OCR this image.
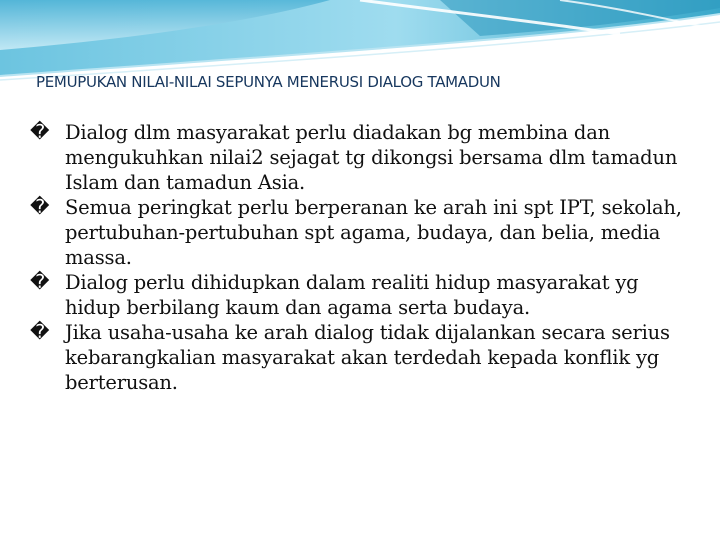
PEMUPUKAN NILAI-NILAI SEPUNYA MENERUSI DIALOG TAMADUN
� Dialog dlm masyarakat perlu diadakan bg membina dan mengukuhkan nilai2 sejagat tg dikongsi bersama dlm tamadun Islam dan tamadun Asia.
� Semua peringkat perlu berperanan ke arah ini spt IPT, sekolah, pertubuhan-pertubuhan spt agama, budaya, dan belia, media massa.
� Dialog perlu dihidupkan dalam realiti hidup masyarakat yg hidup berbilang kaum dan agama serta budaya.
� Jika usaha-usaha ke arah dialog tidak dijalankan secara serius kebarangkalian masyarakat akan terdedah kepada konflik yg berterusan.
